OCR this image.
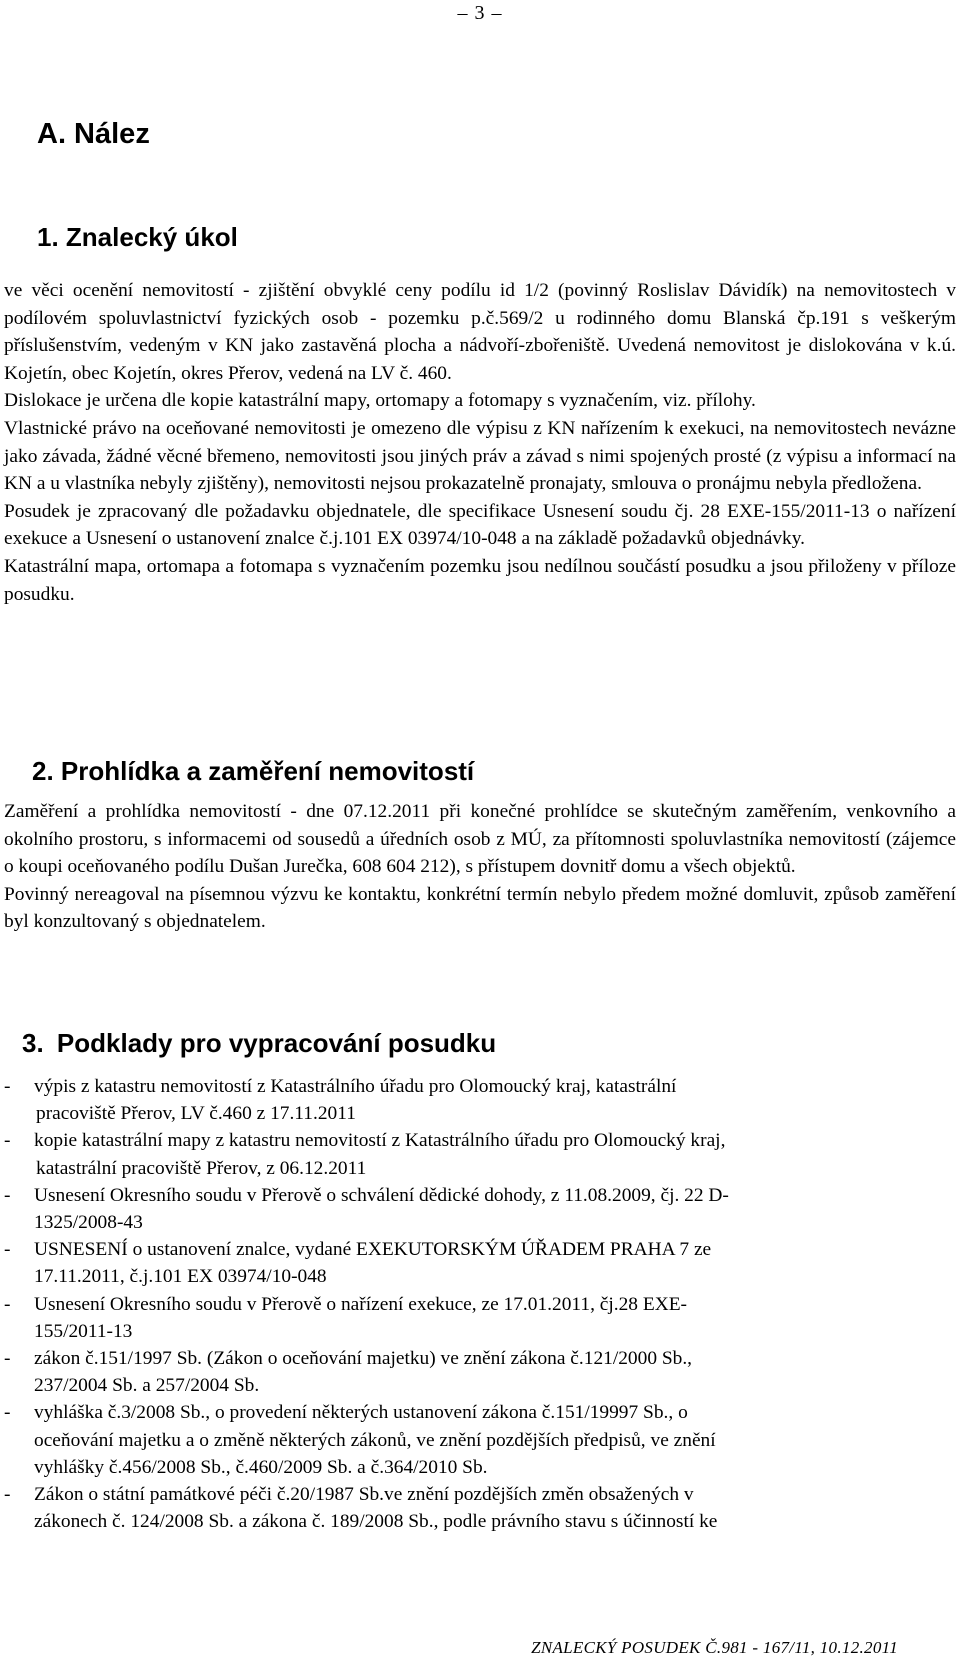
– 3 –
A. Nález
1. Znalecký úkol

ve věci ocenění nemovitostí - zjištění obvyklé ceny podílu id 1/2 (povinný Roslislav Dávidík) na nemovitostech v podílovém spoluvlastnictví fyzických osob - pozemku p.č.569/2 u rodinného domu Blanská čp.191 s veškerým příslušenstvím, vedeným v KN jako zastavěná plocha a nádvoří-zbořeniště. Uvedená nemovitost je dislokována v k.ú. Kojetín, obec Kojetín, okres Přerov, vedená na LV č. 460.

Dislokace je určena dle kopie katastrální mapy, ortomapy a fotomapy s vyznačením, viz. přílohy.

Vlastnické právo na oceňované nemovitosti je omezeno dle výpisu z KN nařízením k exekuci, na nemovitostech nevázne jako závada, žádné věcné břemeno, nemovitosti jsou jiných práv a závad s nimi spojených prosté (z výpisu a informací na KN a u vlastníka nebyly zjištěny), nemovitosti nejsou prokazatelně pronajaty, smlouva o pronájmu nebyla předložena.

Posudek je zpracovaný dle požadavku objednatele, dle specifikace Usnesení soudu čj. 28 EXE-155/2011-13 o nařízení exekuce a Usnesení o ustanovení znalce č.j.101 EX 03974/10-048 a na základě požadavků objednávky.

Katastrální mapa, ortomapa a fotomapa s vyznačením pozemku jsou nedílnou součástí posudku a jsou přiloženy v příloze posudku.

2. Prohlídka a zaměření nemovitostí

Zaměření a prohlídka nemovitostí - dne 07.12.2011 při konečné prohlídce se skutečným zaměřením, venkovního a okolního prostoru, s informacemi od sousedů a úředních osob z MÚ, za přítomnosti spoluvlastníka nemovitostí (zájemce o koupi oceňovaného podílu Dušan Jurečka, 608 604 212), s přístupem dovnitř domu a všech objektů.

Povinný nereagoval na písemnou výzvu ke kontaktu, konkrétní termín nebylo předem možné domluvit, způsob zaměření byl konzultovaný s objednatelem.

3. Podklady pro vypracování posudku
- výpis z katastru nemovitostí z Katastrálního úřadu pro Olomoucký kraj, katastrální
pracoviště Přerov, LV č.460 z 17.11.2011
- kopie katastrální mapy z katastru nemovitostí z Katastrálního úřadu pro Olomoucký kraj,
katastrální pracoviště Přerov, z 06.12.2011
- Usnesení Okresního soudu v Přerově o schválení dědické dohody, z 11.08.2009, čj. 22 D-
1325/2008-43
- USNESENÍ o ustanovení znalce, vydané EXEKUTORSKÝM ÚŘADEM PRAHA 7 ze
17.11.2011, č.j.101 EX 03974/10-048
- Usnesení Okresního soudu v Přerově o nařízení exekuce, ze 17.01.2011, čj.28 EXE-
155/2011-13
- zákon č.151/1997 Sb. (Zákon o oceňování majetku) ve znění zákona č.121/2000 Sb.,
237/2004 Sb. a 257/2004 Sb.
- vyhláška č.3/2008 Sb., o provedení některých ustanovení zákona č.151/19997 Sb., o
oceňování majetku a o změně některých zákonů, ve znění pozdějších předpisů, ve znění
vyhlášky č.456/2008 Sb., č.460/2009 Sb. a č.364/2010 Sb.
- Zákon o státní památkové péči č.20/1987 Sb.ve znění pozdějších změn obsažených v
zákonech č. 124/2008 Sb. a zákona č. 189/2008 Sb., podle právního stavu s účinností ke
ZNALECKÝ POSUDEK Č.981 - 167/11, 10.12.2011
